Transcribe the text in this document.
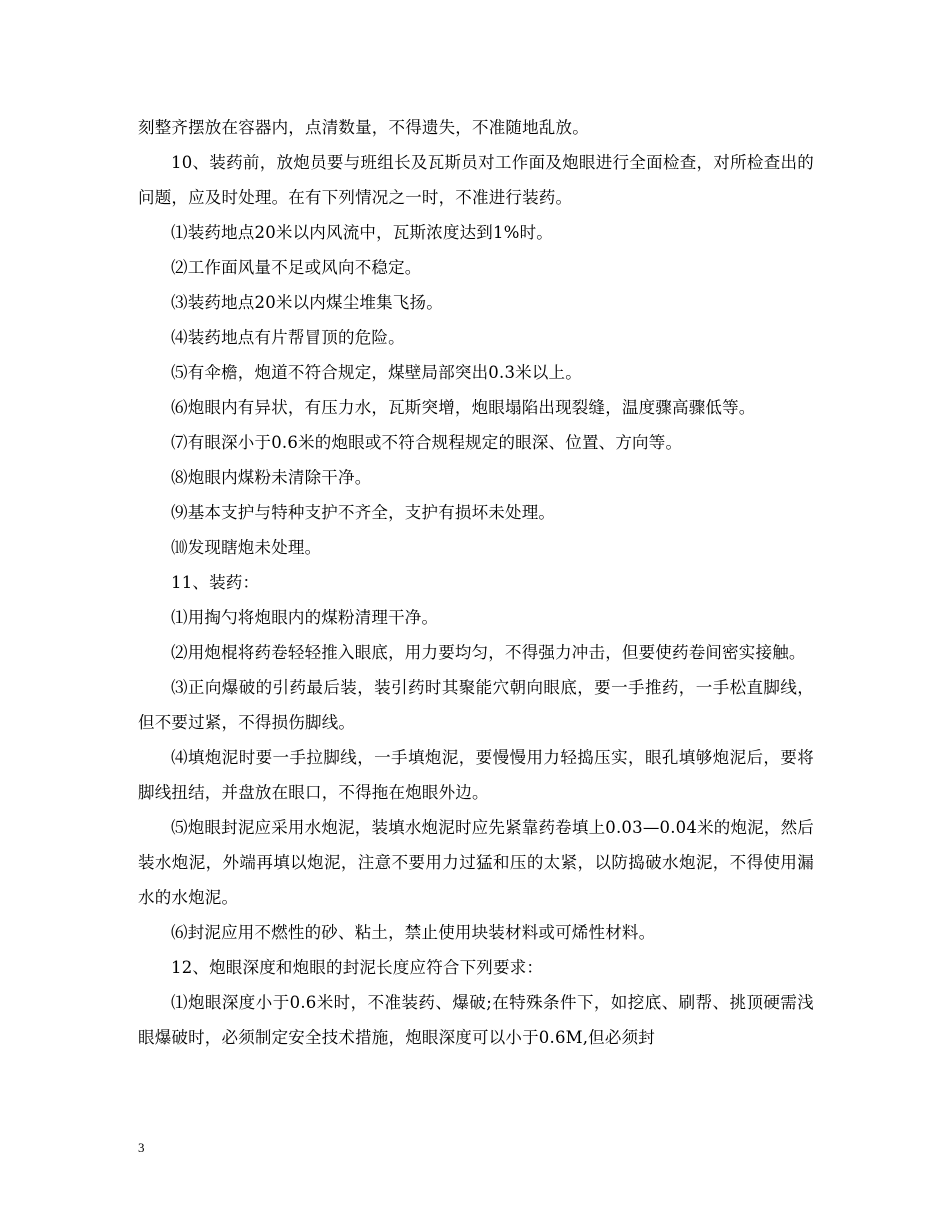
刻整齐摆放在容器内，点清数量，不得遗失，不准随地乱放。

10、装药前，放炮员要与班组长及瓦斯员对工作面及炮眼进行全面检查，对所检查出的问题，应及时处理。在有下列情况之一时，不准进行装药。

⑴装药地点20米以内风流中，瓦斯浓度达到1%时。

⑵工作面风量不足或风向不稳定。

⑶装药地点20米以内煤尘堆集飞扬。

⑷装药地点有片帮冒顶的危险。

⑸有伞檐，炮道不符合规定，煤壁局部突出0.3米以上。

⑹炮眼内有异状，有压力水，瓦斯突增，炮眼塌陷出现裂缝，温度骤高骤低等。

⑺有眼深小于0.6米的炮眼或不符合规程规定的眼深、位置、方向等。

⑻炮眼内煤粉未清除干净。

⑼基本支护与特种支护不齐全，支护有损坏未处理。

⑽发现瞎炮未处理。

11、装药：

⑴用掏勺将炮眼内的煤粉清理干净。

⑵用炮棍将药卷轻轻推入眼底，用力要均匀，不得强力冲击，但要使药卷间密实接触。

⑶正向爆破的引药最后装，装引药时其聚能穴朝向眼底，要一手推药，一手松直脚线，但不要过紧，不得损伤脚线。

⑷填炮泥时要一手拉脚线，一手填炮泥，要慢慢用力轻捣压实，眼孔填够炮泥后，要将脚线扭结，并盘放在眼口，不得拖在炮眼外边。

⑸炮眼封泥应采用水炮泥，装填水炮泥时应先紧靠药卷填上0.03—0.04米的炮泥，然后装水炮泥，外端再填以炮泥，注意不要用力过猛和压的太紧，以防捣破水炮泥，不得使用漏水的水炮泥。

⑹封泥应用不燃性的砂、粘土，禁止使用块装材料或可烯性材料。

12、炮眼深度和炮眼的封泥长度应符合下列要求：

⑴炮眼深度小于0.6米时，不准装药、爆破;在特殊条件下，如挖底、刷帮、挑顶硬需浅眼爆破时，必须制定安全技术措施，炮眼深度可以小于0.6M,但必须封

3
